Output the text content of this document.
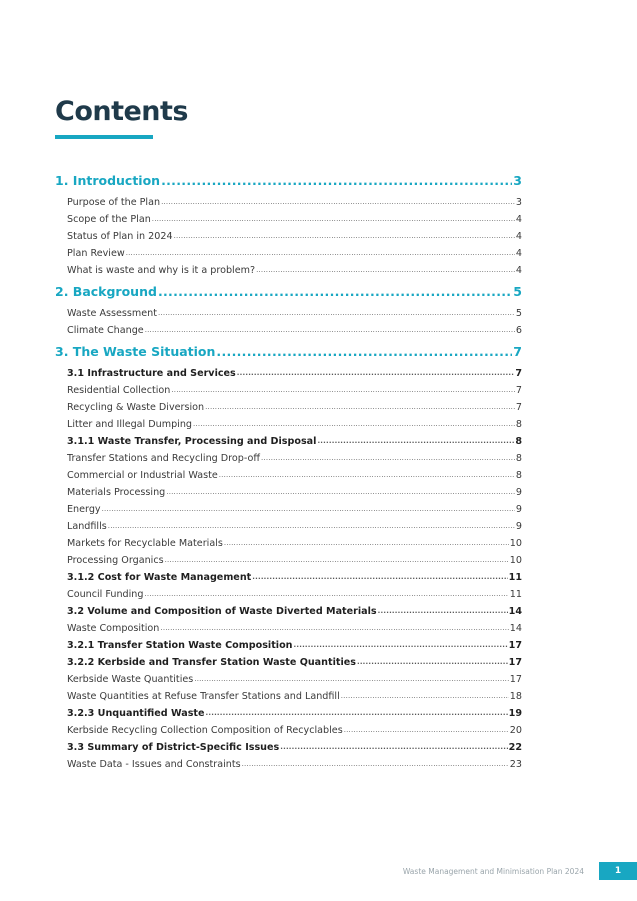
Contents
1. Introduction .....	3
Purpose of the Plan .....	3
Scope of the Plan .....	4
Status of Plan in 2024 .....	4
Plan Review .....	4
What is waste and why is it a problem? .....	4
2. Background .....	5
Waste Assessment .....	5
Climate Change .....	6
3. The Waste Situation .....	7
3.1 Infrastructure and Services .....	7
Residential Collection .....	7
Recycling & Waste Diversion .....	7
Litter and Illegal Dumping .....	8
3.1.1 Waste Transfer, Processing and Disposal .....	8
Transfer Stations and Recycling Drop-off .....	8
Commercial or Industrial Waste .....	8
Materials Processing .....	9
Energy .....	9
Landfills .....	9
Markets for Recyclable Materials .....	10
Processing Organics .....	10
3.1.2 Cost for Waste Management .....	11
Council Funding .....	11
3.2 Volume and Composition of Waste Diverted Materials .....	14
Waste Composition .....	14
3.2.1 Transfer Station Waste Composition .....	17
3.2.2 Kerbside and Transfer Station Waste Quantities .....	17
Kerbside Waste Quantities .....	17
Waste Quantities at Refuse Transfer Stations and Landfill .....	18
3.2.3 Unquantified Waste .....	19
Kerbside Recycling Collection Composition of Recyclables .....	20
3.3 Summary of District-Specific Issues .....	22
Waste Data - Issues and Constraints .....	23
Waste Management and Minimisation Plan 2024	1
